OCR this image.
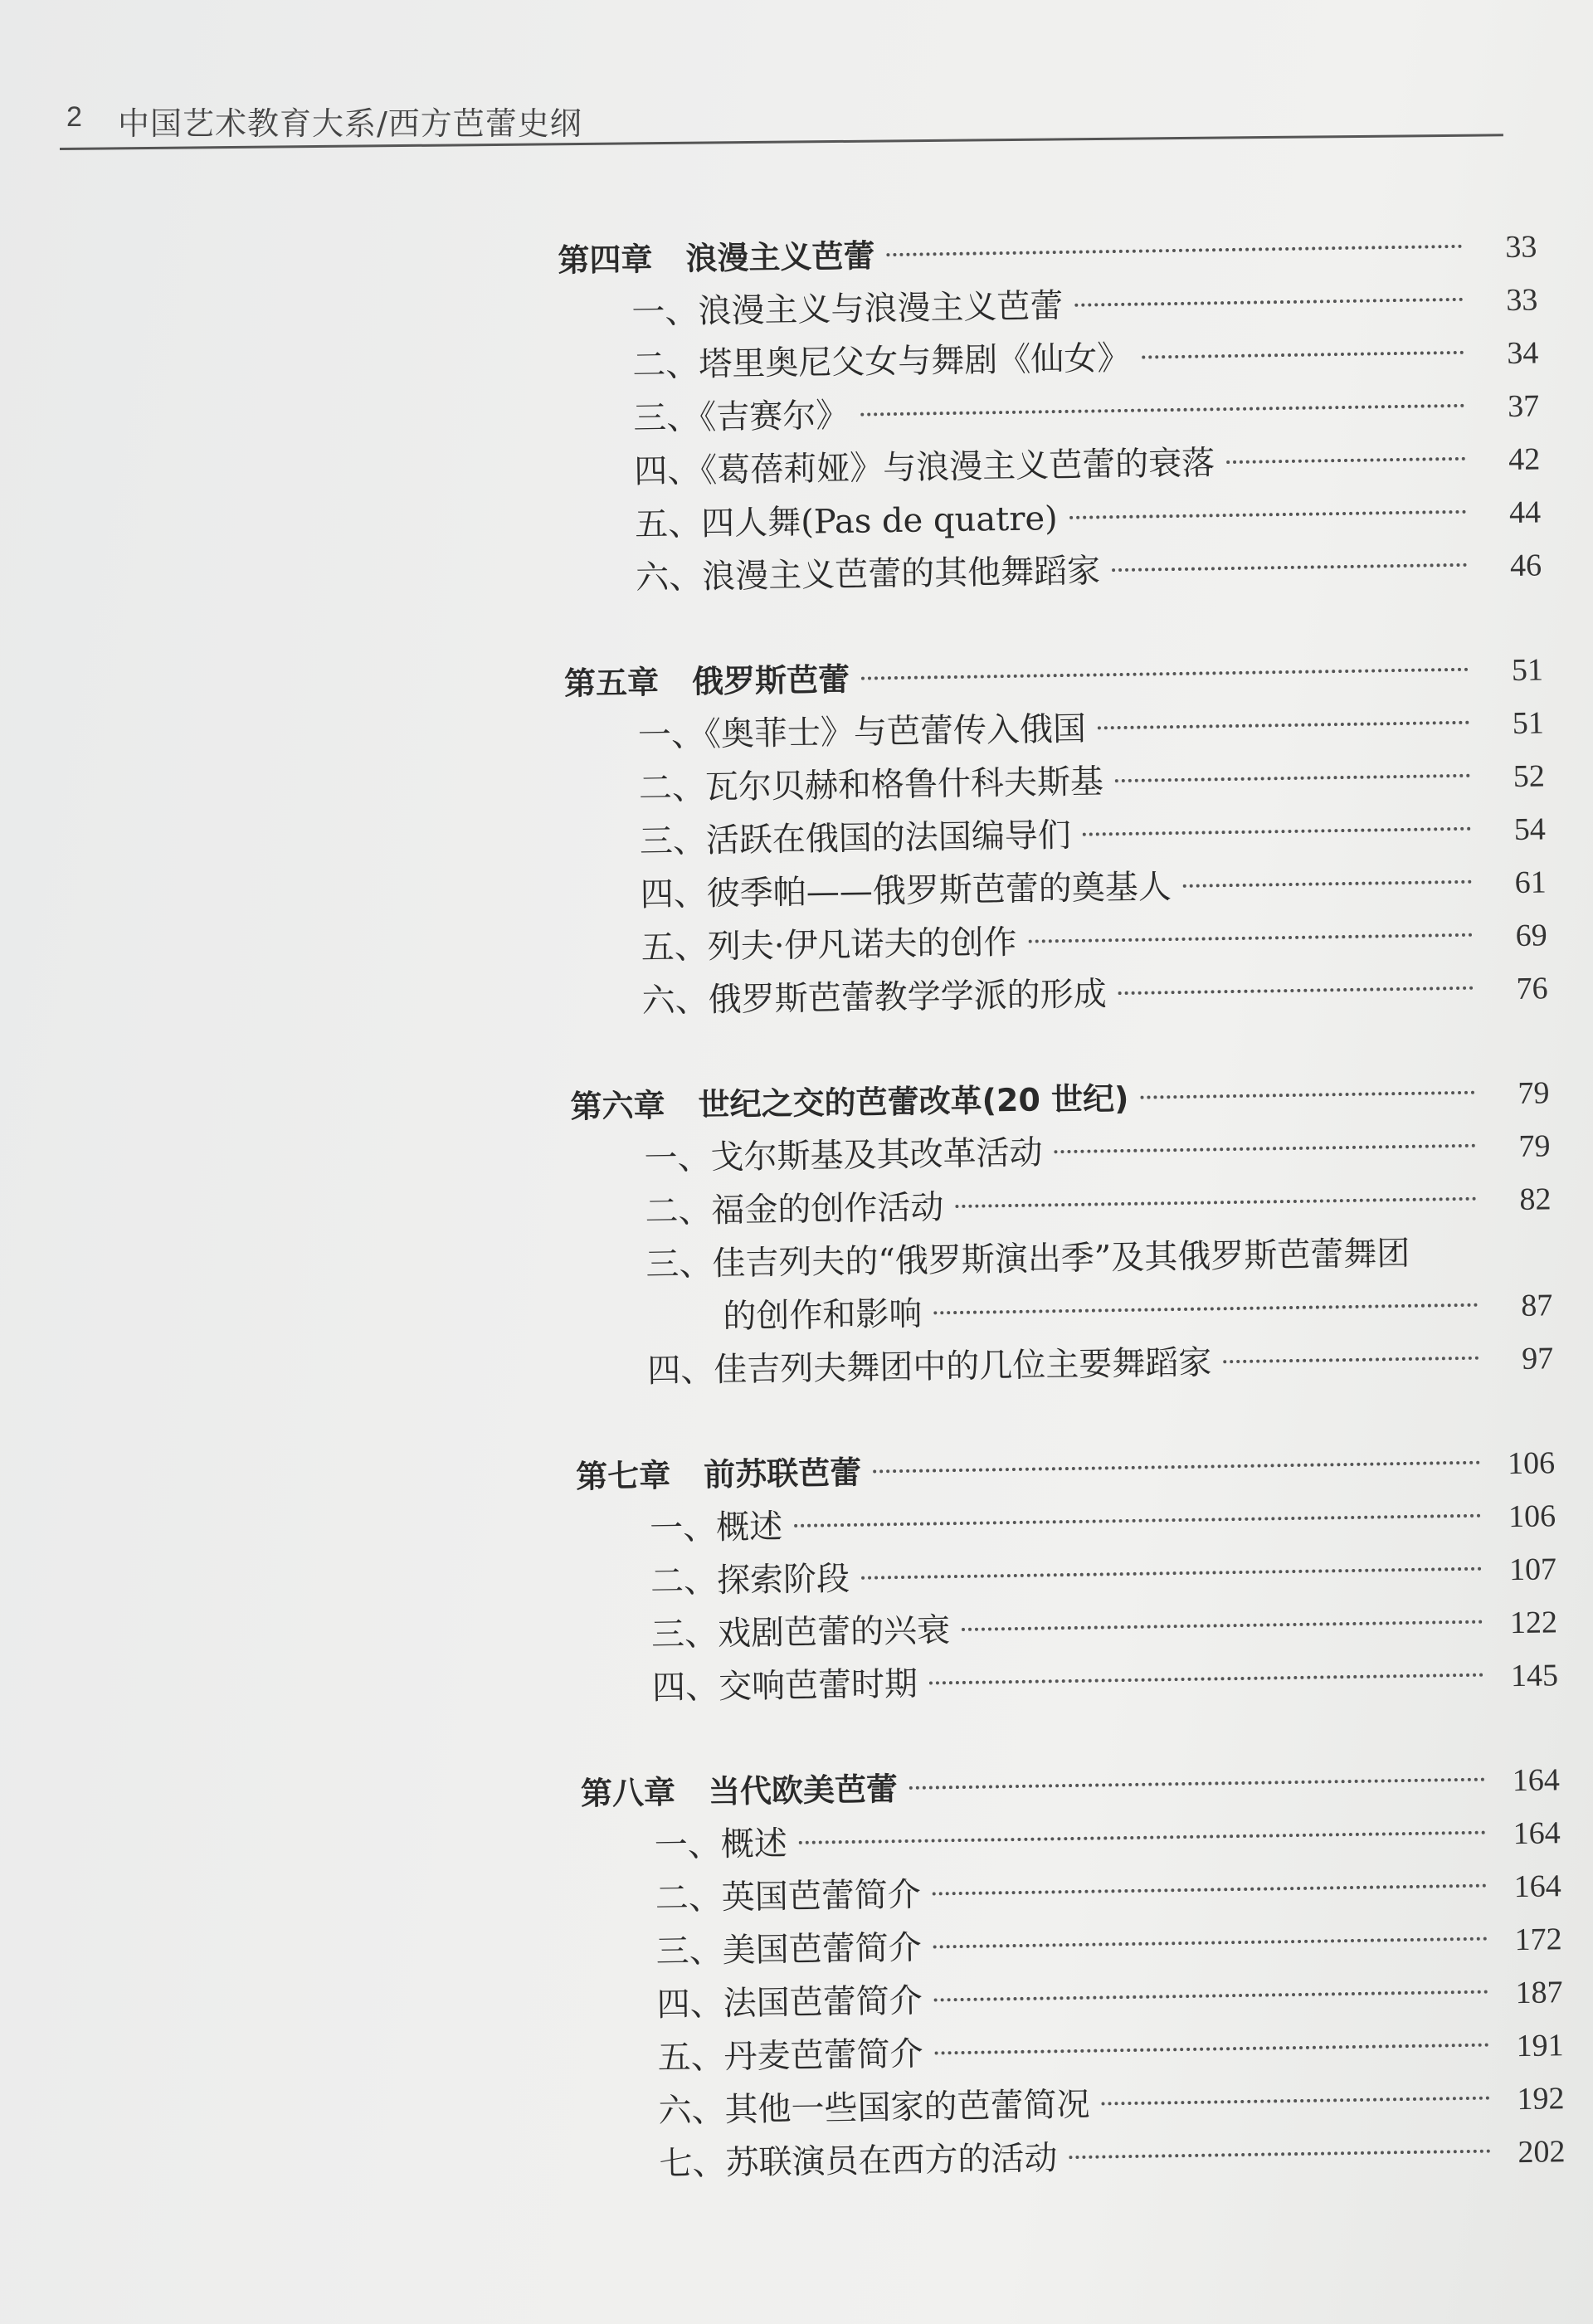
2 中国艺术教育大系/西方芭蕾史纲
第四章 浪漫主义芭蕾	33
一、浪漫主义与浪漫主义芭蕾	33
二、塔里奥尼父女与舞剧《仙女》	34
三、《吉赛尔》	37
四、《葛蓓莉娅》与浪漫主义芭蕾的衰落	42
五、四人舞(Pas de quatre)	44
六、浪漫主义芭蕾的其他舞蹈家	46
第五章 俄罗斯芭蕾	51
一、《奥菲士》与芭蕾传入俄国	51
二、瓦尔贝赫和格鲁什科夫斯基	52
三、活跃在俄国的法国编导们	54
四、彼季帕——俄罗斯芭蕾的奠基人	61
五、列夫·伊凡诺夫的创作	69
六、俄罗斯芭蕾教学学派的形成	76
第六章 世纪之交的芭蕾改革(20 世纪)	79
一、戈尔斯基及其改革活动	79
二、福金的创作活动	82
三、佳吉列夫的“俄罗斯演出季”及其俄罗斯芭蕾舞团
的创作和影响	87
四、佳吉列夫舞团中的几位主要舞蹈家	97
第七章 前苏联芭蕾	106
一、概述	106
二、探索阶段	107
三、戏剧芭蕾的兴衰	122
四、交响芭蕾时期	145
第八章 当代欧美芭蕾	164
一、概述	164
二、英国芭蕾简介	164
三、美国芭蕾简介	172
四、法国芭蕾简介	187
五、丹麦芭蕾简介	191
六、其他一些国家的芭蕾简况	192
七、苏联演员在西方的活动	202
